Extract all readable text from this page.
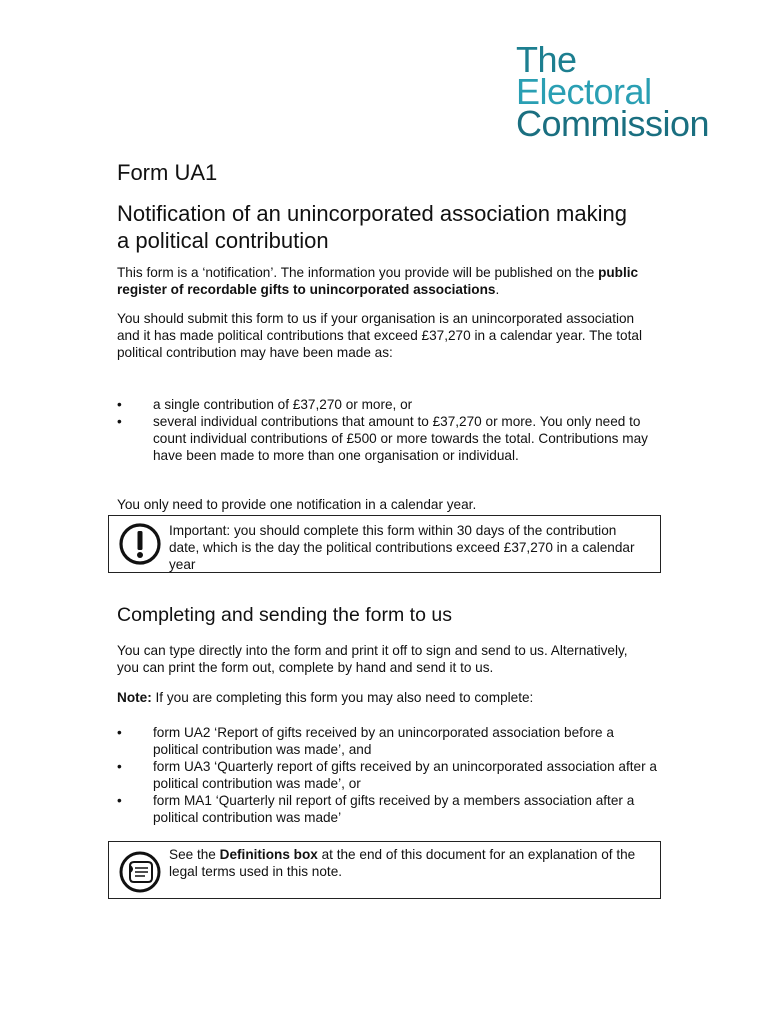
The
Electoral
Commission
Form UA1
Notification of an unincorporated association making a political contribution
This form is a ‘notification’. The information you provide will be published on the public register of recordable gifts to unincorporated associations.
You should submit this form to us if your organisation is an unincorporated association and it has made political contributions that exceed £37,270 in a calendar year. The total political contribution may have been made as:
• a single contribution of £37,270 or more, or
• several individual contributions that amount to £37,270 or more. You only need to count individual contributions of £500 or more towards the total. Contributions may have been made to more than one organisation or individual.
You only need to provide one notification in a calendar year.
Important: you should complete this form within 30 days of the contribution date, which is the day the political contributions exceed £37,270 in a calendar year
Completing and sending the form to us
You can type directly into the form and print it off to sign and send to us. Alternatively, you can print the form out, complete by hand and send it to us.
Note: If you are completing this form you may also need to complete:
• form UA2 ‘Report of gifts received by an unincorporated association before a political contribution was made’, and
• form UA3 ‘Quarterly report of gifts received by an unincorporated association after a political contribution was made’, or
• form MA1 ‘Quarterly nil report of gifts received by a members association after a political contribution was made’
See the Definitions box at the end of this document for an explanation of the legal terms used in this note.
